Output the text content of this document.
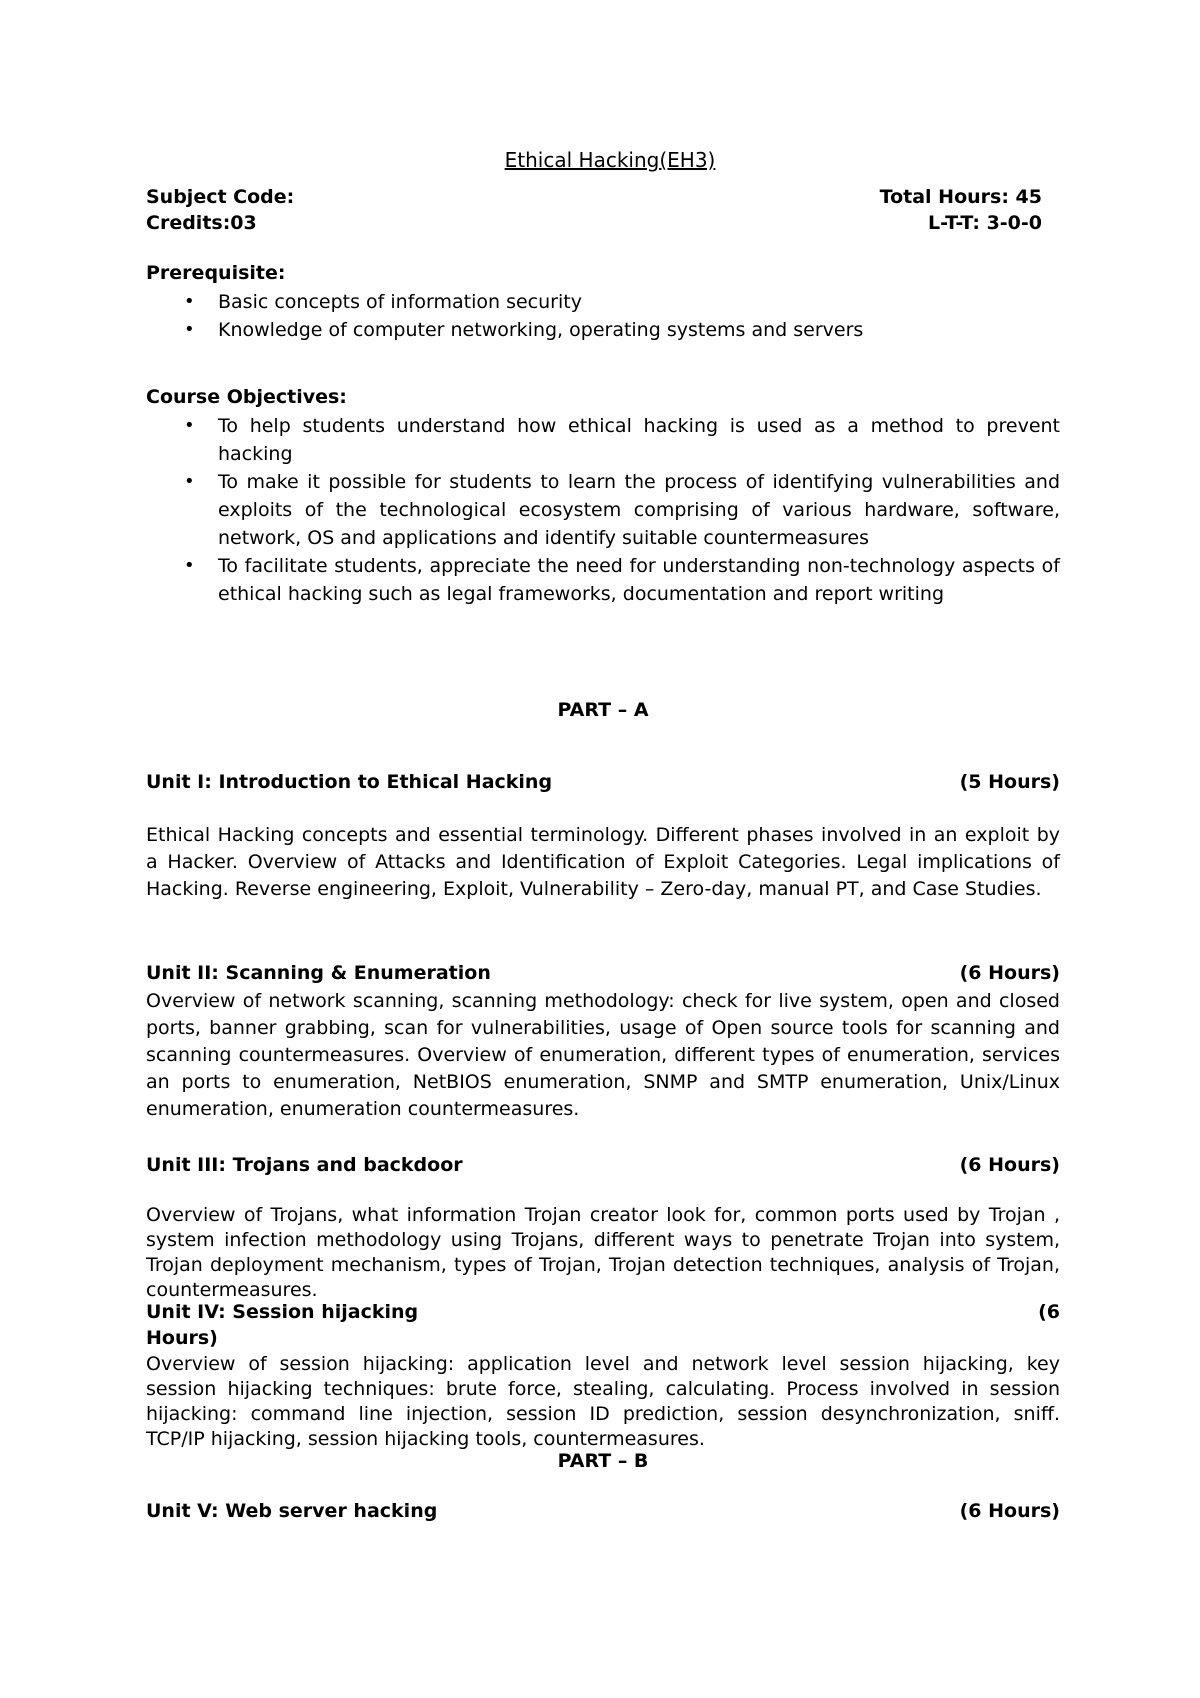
Ethical Hacking(EH3)
Subject Code:	Total Hours: 45
Credits:03	L-T-T: 3-0-0
Prerequisite:
• Basic concepts of information security
• Knowledge of computer networking, operating systems and servers
Course Objectives:
• To help students understand how ethical hacking is used as a method to prevent hacking
• To make it possible for students to learn the process of identifying vulnerabilities and exploits of the technological ecosystem comprising of various hardware, software, network, OS and applications and identify suitable countermeasures
• To facilitate students, appreciate the need for understanding non-technology aspects of ethical hacking such as legal frameworks, documentation and report writing
PART – A
Unit I: Introduction to Ethical Hacking	(5 Hours)

Ethical Hacking concepts and essential terminology. Different phases involved in an exploit by a Hacker. Overview of Attacks and Identification of Exploit Categories. Legal implications of Hacking. Reverse engineering, Exploit, Vulnerability – Zero-day, manual PT, and Case Studies.

Unit II: Scanning & Enumeration	(6 Hours)

Overview of network scanning, scanning methodology: check for live system, open and closed ports, banner grabbing, scan for vulnerabilities, usage of Open source tools for scanning and scanning countermeasures. Overview of enumeration, different types of enumeration, services an ports to enumeration, NetBIOS enumeration, SNMP and SMTP enumeration, Unix/Linux enumeration, enumeration countermeasures.

Unit III: Trojans and backdoor	(6 Hours)

Overview of Trojans, what information Trojan creator look for, common ports used by Trojan , system infection methodology using Trojans, different ways to penetrate Trojan into system, Trojan deployment mechanism, types of Trojan, Trojan detection techniques, analysis of Trojan, countermeasures.

Unit IV: Session hijacking	(6
Hours)

Overview of session hijacking: application level and network level session hijacking, key session hijacking techniques: brute force, stealing, calculating. Process involved in session hijacking: command line injection, session ID prediction, session desynchronization, sniff. TCP/IP hijacking, session hijacking tools, countermeasures.

PART – B
Unit V: Web server hacking	(6 Hours)
